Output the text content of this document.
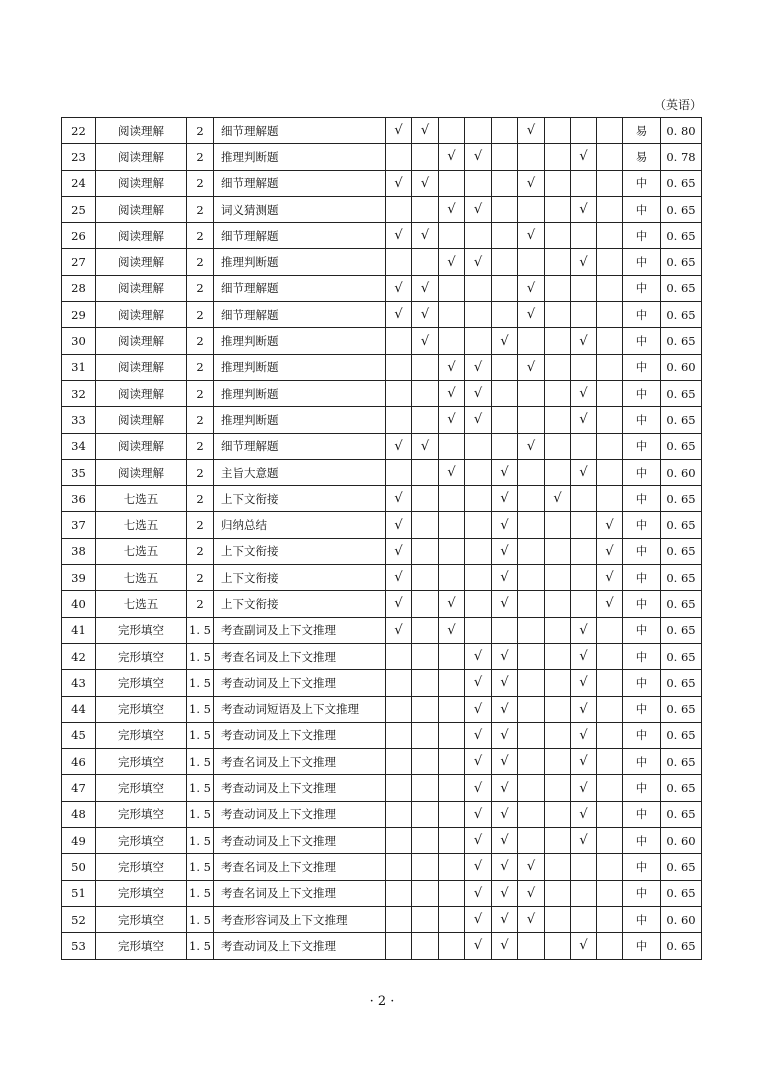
（英语）
22	阅读理解	2	细节理解题	√	√				√				易	0. 80
23	阅读理解	2	推理判断题			√	√				√		易	0. 78
24	阅读理解	2	细节理解题	√	√				√				中	0. 65
25	阅读理解	2	词义猜测题			√	√				√		中	0. 65
26	阅读理解	2	细节理解题	√	√				√				中	0. 65
27	阅读理解	2	推理判断题			√	√				√		中	0. 65
28	阅读理解	2	细节理解题	√	√				√				中	0. 65
29	阅读理解	2	细节理解题	√	√				√				中	0. 65
30	阅读理解	2	推理判断题		√			√			√		中	0. 65
31	阅读理解	2	推理判断题			√	√		√				中	0. 60
32	阅读理解	2	推理判断题			√	√				√		中	0. 65
33	阅读理解	2	推理判断题			√	√				√		中	0. 65
34	阅读理解	2	细节理解题	√	√				√				中	0. 65
35	阅读理解	2	主旨大意题			√		√			√		中	0. 60
36	七选五	2	上下文衔接	√				√		√			中	0. 65
37	七选五	2	归纳总结	√				√				√	中	0. 65
38	七选五	2	上下文衔接	√				√				√	中	0. 65
39	七选五	2	上下文衔接	√				√				√	中	0. 65
40	七选五	2	上下文衔接	√		√		√				√	中	0. 65
41	完形填空	1. 5	考查副词及上下文推理	√		√					√		中	0. 65
42	完形填空	1. 5	考查名词及上下文推理				√	√			√		中	0. 65
43	完形填空	1. 5	考查动词及上下文推理				√	√			√		中	0. 65
44	完形填空	1. 5	考查动词短语及上下文推理				√	√			√		中	0. 65
45	完形填空	1. 5	考查动词及上下文推理				√	√			√		中	0. 65
46	完形填空	1. 5	考查名词及上下文推理				√	√			√		中	0. 65
47	完形填空	1. 5	考查动词及上下文推理				√	√			√		中	0. 65
48	完形填空	1. 5	考查动词及上下文推理				√	√			√		中	0. 65
49	完形填空	1. 5	考查动词及上下文推理				√	√			√		中	0. 60
50	完形填空	1. 5	考查名词及上下文推理				√	√	√				中	0. 65
51	完形填空	1. 5	考查名词及上下文推理				√	√	√				中	0. 65
52	完形填空	1. 5	考查形容词及上下文推理				√	√	√				中	0. 60
53	完形填空	1. 5	考查动词及上下文推理				√	√			√		中	0. 65
· 2 ·
